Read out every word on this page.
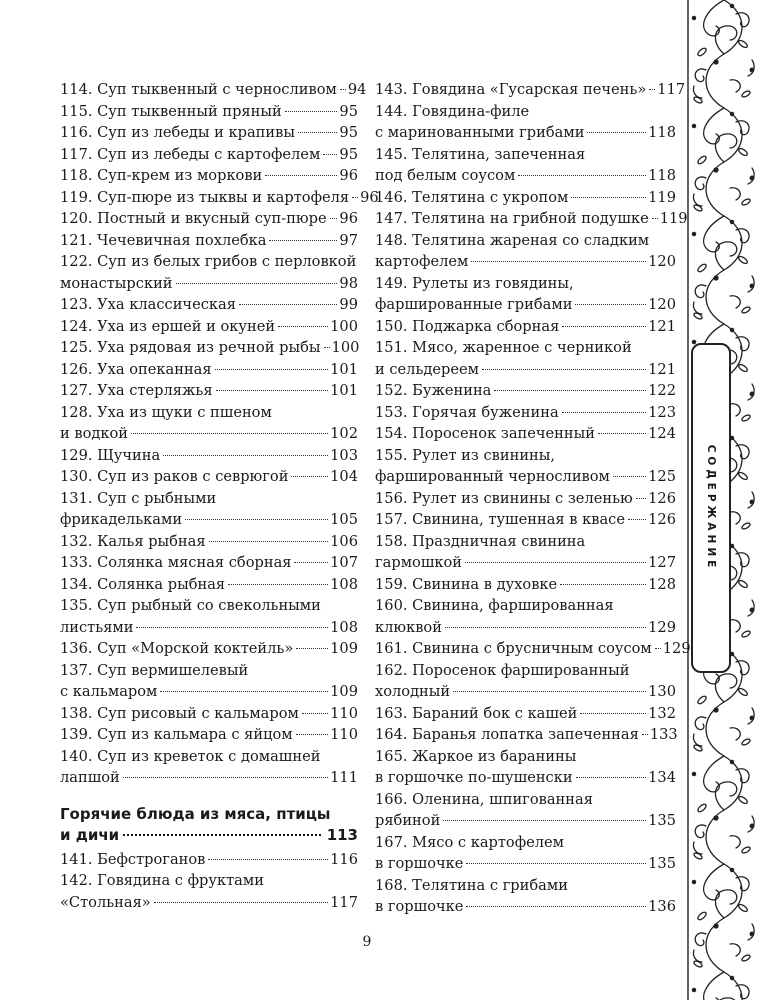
114. Суп тыквенный с черносливом 94
115. Суп тыквенный пряный	95
116. Суп из лебеды и крапивы	95
117. Суп из лебеды с картофелем 95
118. Суп-крем из моркови	96
119. Суп-пюре из тыквы и картофеля 96
120. Постный и вкусный суп-пюре 96
121. Чечевичная похлебка	97
122. Суп из белых грибов с перловкой
монастырский	98
123. Уха классическая	99
124. Уха из ершей и окуней	100
125. Уха рядовая из речной рыбы 100
126. Уха опеканная	101
127. Уха стерляжья	101
128. Уха из щуки с пшеном
и водкой	102
129. Щучина	103
130. Суп из раков с севрюгой	104
131. Суп с рыбными
фрикадельками	105
132. Калья рыбная	106
133. Солянка мясная сборная	107
134. Солянка рыбная	108
135. Суп рыбный со свекольными
листьями	108
136. Суп «Морской коктейль»	109
137. Суп вермишелевый
с кальмаром	109
138. Суп рисовый с кальмаром 110
139. Суп из кальмара с яйцом	110
140. Суп из креветок с домашней
лапшой	111
Горячие блюда из мяса, птицы
и дичи	113
141. Бефстроганов	116
142. Говядина с фруктами
«Стольная»	117
143. Говядина «Гусарская печень» 117
144. Говядина-филе
с маринованными грибами	118
145. Телятина, запеченная
под белым соусом	118
146. Телятина с укропом	119
147. Телятина на грибной подушке 119
148. Телятина жареная со сладким
картофелем	120
149. Рулеты из говядины,
фаршированные грибами	120
150. Поджарка сборная	121
151. Мясо, жаренное с черникой
и сельдереем	121
152. Буженина	122
153. Горячая буженина	123
154. Поросенок запеченный	124
155. Рулет из свинины,
фаршированный черносливом	125
156. Рулет из свинины с зеленью 126
157. Свинина, тушенная в квасе 126
158. Праздничная свинина
гармошкой	127
159. Свинина в духовке	128
160. Свинина, фаршированная
клюквой	129
161. Свинина с брусничным соусом 129
162. Поросенок фаршированный
холодный	130
163. Бараний бок с кашей	132
164. Баранья лопатка запеченная 133
165. Жаркое из баранины
в горшочке по-шушенски	134
166. Оленина, шпигованная
рябиной	135
167. Мясо с картофелем
в горшочке	135
168. Телятина с грибами
в горшочке	136
9
СОДЕРЖАНИЕ
